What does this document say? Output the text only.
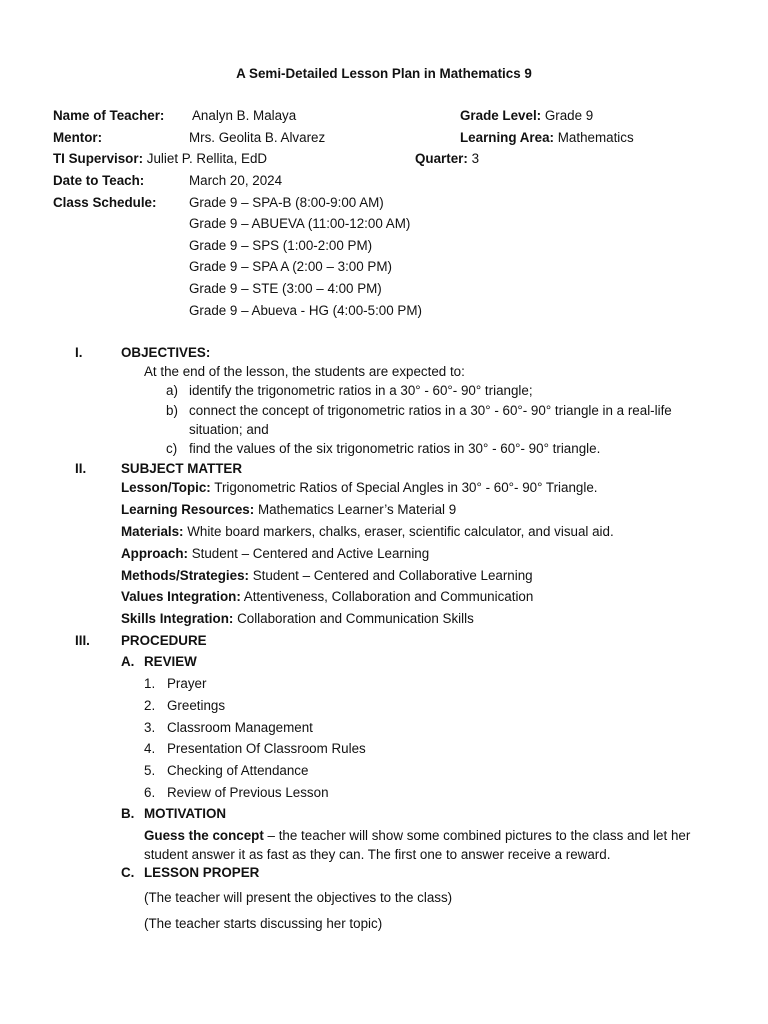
A Semi-Detailed Lesson Plan in Mathematics 9
Name of Teacher: Analyn B. Malaya	Grade Level: Grade 9
Mentor:	Mrs. Geolita B. Alvarez	Learning Area: Mathematics
TI Supervisor: Juliet P. Rellita, EdD	Quarter: 3
Date to Teach:	March 20, 2024
Class Schedule: Grade 9 – SPA-B (8:00-9:00 AM)
Grade 9 – ABUEVA (11:00-12:00 AM)
Grade 9 – SPS (1:00-2:00 PM)
Grade 9 – SPA A (2:00 – 3:00 PM)
Grade 9 – STE (3:00 – 4:00 PM)
Grade 9 – Abueva - HG (4:00-5:00 PM)
I.	OBJECTIVES:
At the end of the lesson, the students are expected to:
a) identify the trigonometric ratios in a 30° - 60°- 90° triangle;
b) connect the concept of trigonometric ratios in a 30° - 60°- 90° triangle in a real-life
situation; and
c) find the values of the six trigonometric ratios in 30° - 60°- 90° triangle.
II.	SUBJECT MATTER
Lesson/Topic: Trigonometric Ratios of Special Angles in 30° - 60°- 90° Triangle.
Learning Resources: Mathematics Learner’s Material 9
Materials: White board markers, chalks, eraser, scientific calculator, and visual aid.
Approach: Student – Centered and Active Learning
Methods/Strategies: Student – Centered and Collaborative Learning
Values Integration: Attentiveness, Collaboration and Communication
Skills Integration: Collaboration and Communication Skills
III. PROCEDURE
A. REVIEW
1. Prayer
2. Greetings
3. Classroom Management
4. Presentation Of Classroom Rules
5. Checking of Attendance
6. Review of Previous Lesson
B. MOTIVATION
Guess the concept – the teacher will show some combined pictures to the class and let her
student answer it as fast as they can. The first one to answer receive a reward.
C. LESSON PROPER
(The teacher will present the objectives to the class)
(The teacher starts discussing her topic)
